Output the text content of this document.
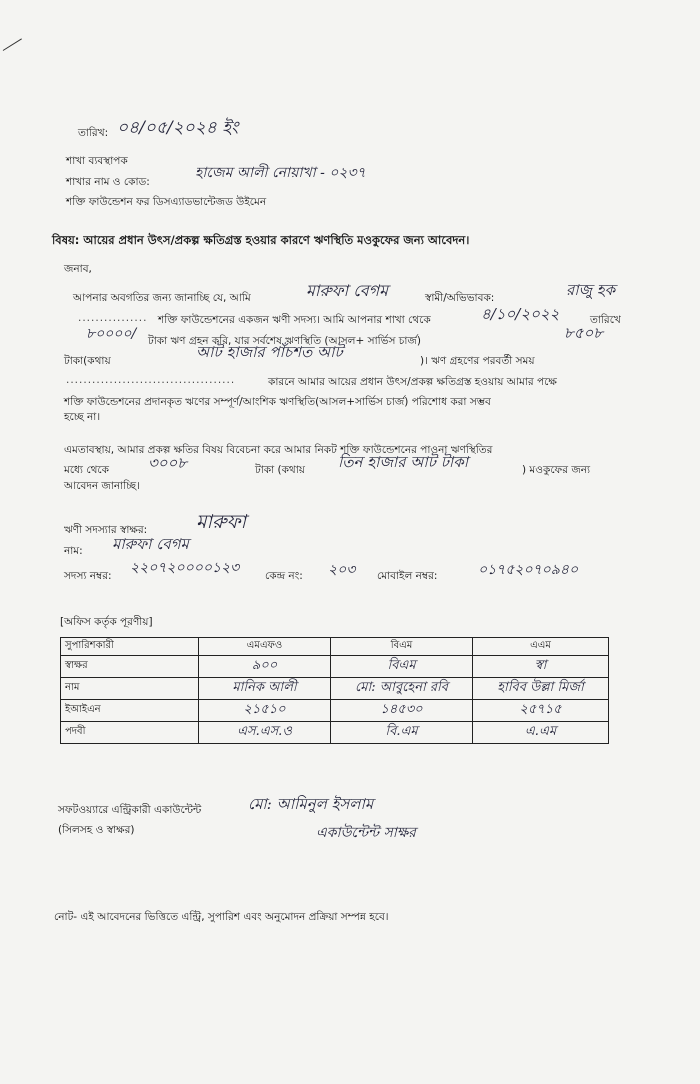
তারিখ: ০৪/০৫/২০২৪ ইং
শাখা ব্যবস্থাপক
শাখার নাম ও কোড:
হাজেম আলী নোয়াখা - ০২৩৭
শক্তি ফাউন্ডেশন ফর ডিসএ্যাডভান্টেজড উইমেন
বিষয়: আয়ের প্রধান উৎস/প্রকল্প ক্ষতিগ্রস্ত হওয়ার কারণে ঋণস্থিতি মওকুফের জন্য আবেদন।
জনাব,
আপনার অবগতির জন্য জানাচ্ছি যে, আমি	মারুফা বেগম	স্বামী/অভিভাবক:	রাজু হক
................ শক্তি ফাউন্ডেশনের একজন ঋণী সদস্য। আমি আপনার শাখা থেকে	৪/১০/২০২২	তারিখে
৮০০০০/ টাকা ঋণ গ্রহন করি, যার সর্বশেষ ঋণস্থিতি (আসল+ সার্ভিস চার্জ)	৮৫০৮
টাকা(কথায়	আট হাজার পাঁচশত আট	)। ঋণ গ্রহণের পরবর্তী সময়
.......................................	কারনে আমার আয়ের প্রধান উৎস/প্রকল্প ক্ষতিগ্রস্ত হওয়ায় আমার পক্ষে
শক্তি ফাউন্ডেশনের প্রদানকৃত ঋণের সম্পূর্ণ/আংশিক ঋণস্থিতি(আসল+সার্ভিস চার্জ) পরিশোধ করা সম্ভব
হচ্ছে না।
এমতাবস্থায়, আমার প্রকল্প ক্ষতির বিষয় বিবেচনা করে আমার নিকট শক্তি ফাউন্ডেশনের পাওনা ঋণস্থিতির
মধ্যে থেকে	৩০০৮	টাকা (কথায় তিন হাজার আট টাকা	) মওকুফের জন্য
আবেদন জানাচ্ছি।
ঋণী সদস্যার স্বাক্ষর:	মারুফা
নাম: মারুফা বেগম
সদস্য নম্বর: ২২০৭২০০০০১২৩ কেন্দ্র নং: ২০৩ মোবাইল নম্বর:	০১৭৫২০৭০৯৪০
[অফিস কর্তৃক পূরণীয়]
সুপারিশকারী	এমএফও	বিএম	এএম
স্বাক্ষর	৯০০	বিএম	স্বা
নাম	মানিক আলী	মো: আবুহেনা রবি	হাবিব উল্লা মির্জা
ইআইএন	২১৫১০	১৪৫৩০	২৫৭১৫
পদবী	এস.এস.ও	বি.এম	এ.এম
সফটওয়্যারে এন্ট্রিকারী একাউন্টেন্ট
(সিলসহ ও স্বাক্ষর)
মো: আমিনুল ইসলাম
একাউন্টেন্ট সাক্ষর
নোট- এই আবেদনের ভিত্তিতে এন্ট্রি, সুপারিশ এবং অনুমোদন প্রক্রিয়া সম্পন্ন হবে।
